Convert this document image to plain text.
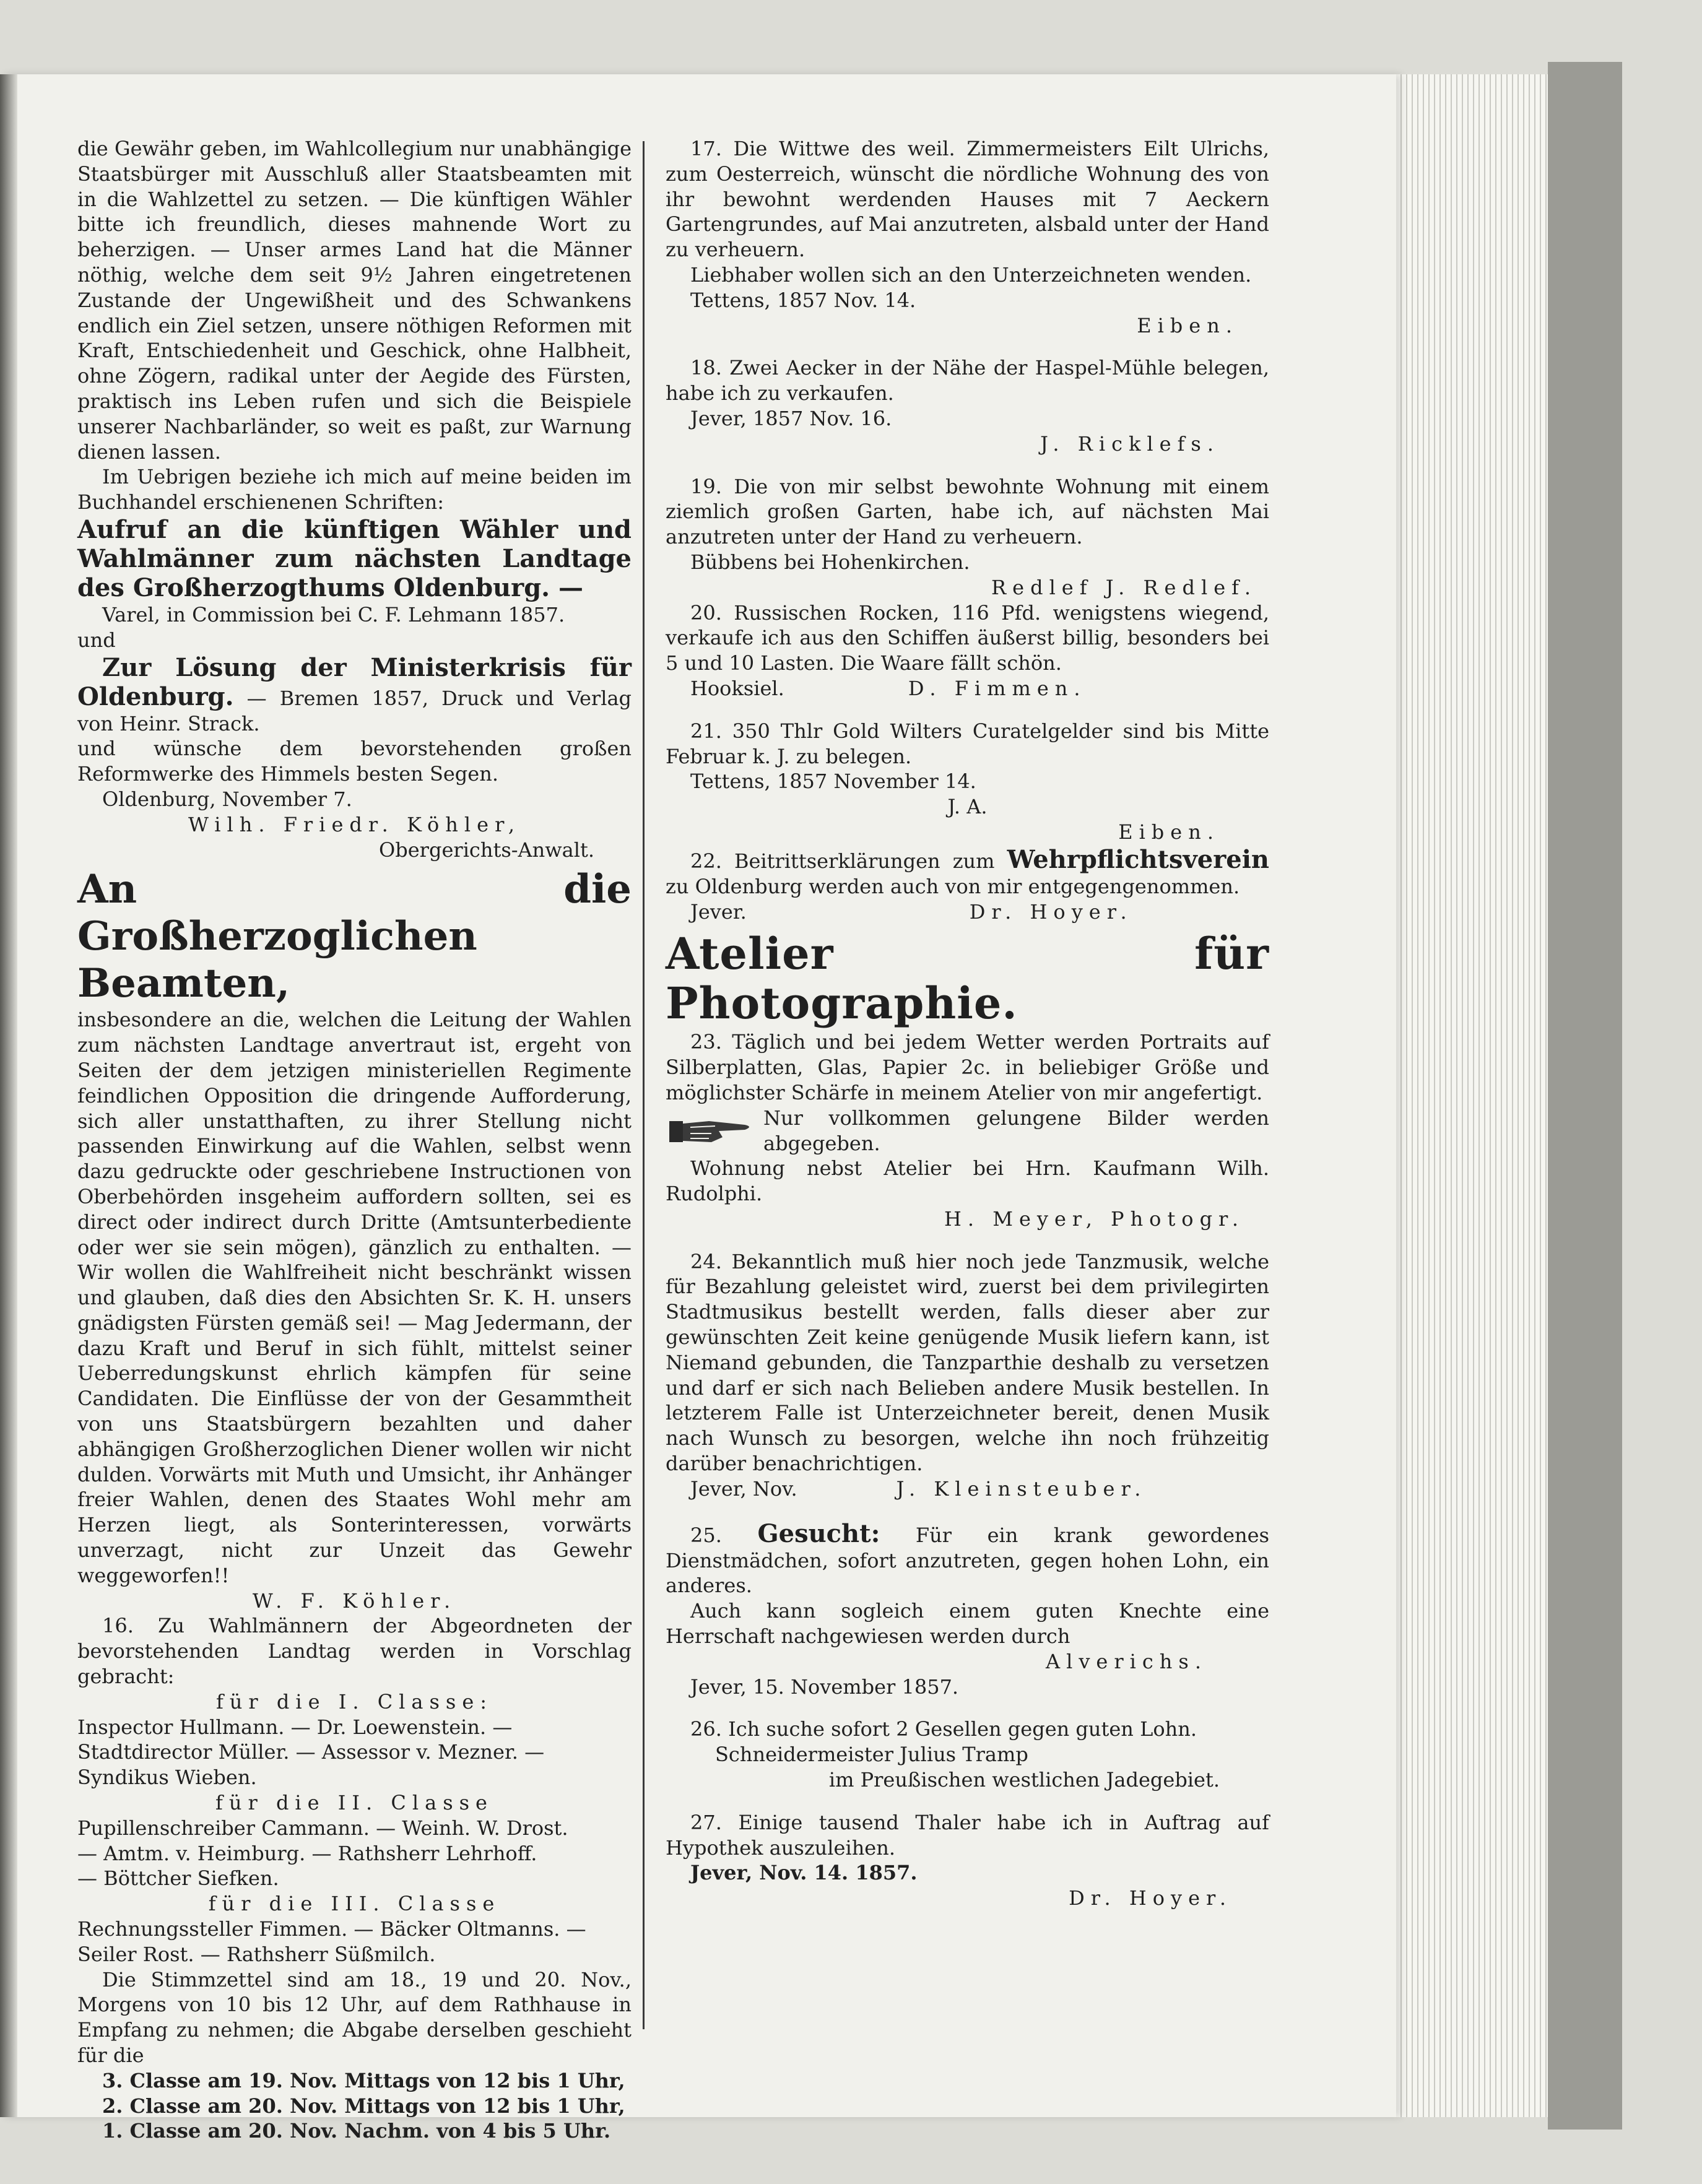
die Gewähr geben, im Wahlcollegium nur unabhängige Staatsbürger mit Ausschluß aller Staatsbeamten mit in die Wahlzettel zu setzen. — Die künftigen Wähler bitte ich freundlich, dieses mahnende Wort zu beherzigen. — Unser armes Land hat die Männer nöthig, welche dem seit 9½ Jahren eingetretenen Zustande der Ungewißheit und des Schwankens endlich ein Ziel setzen, unsere nöthigen Reformen mit Kraft, Entschiedenheit und Geschick, ohne Halbheit, ohne Zögern, radikal unter der Aegide des Fürsten, praktisch ins Leben rufen und sich die Beispiele unserer Nachbarländer, so weit es paßt, zur Warnung dienen lassen.

Im Uebrigen beziehe ich mich auf meine beiden im Buchhandel erschienenen Schriften:

Aufruf an die künftigen Wähler und Wahlmänner zum nächsten Landtage des Großherzogthums Oldenburg. —

Varel, in Commission bei C. F. Lehmann 1857.

und

Zur Lösung der Ministerkrisis für Oldenburg. — Bremen 1857, Druck und Verlag von Heinr. Strack.

und wünsche dem bevorstehenden großen Reformwerke des Himmels besten Segen.

Oldenburg, November 7.

Wilh. Friedr. Köhler,

Obergerichts-Anwalt.

An die Großherzoglichen Beamten,

insbesondere an die, welchen die Leitung der Wahlen zum nächsten Landtage anvertraut ist, ergeht von Seiten der dem jetzigen ministeriellen Regimente feindlichen Opposition die dringende Aufforderung, sich aller unstatthaften, zu ihrer Stellung nicht passenden Einwirkung auf die Wahlen, selbst wenn dazu gedruckte oder geschriebene Instructionen von Oberbehörden insgeheim auffordern sollten, sei es direct oder indirect durch Dritte (Amtsunterbediente oder wer sie sein mögen), gänzlich zu enthalten. — Wir wollen die Wahlfreiheit nicht beschränkt wissen und glauben, daß dies den Absichten Sr. K. H. unsers gnädigsten Fürsten gemäß sei! — Mag Jedermann, der dazu Kraft und Beruf in sich fühlt, mittelst seiner Ueberredungskunst ehrlich kämpfen für seine Candidaten. Die Einflüsse der von der Gesammtheit von uns Staatsbürgern bezahlten und daher abhängigen Großherzoglichen Diener wollen wir nicht dulden. Vorwärts mit Muth und Umsicht, ihr Anhänger freier Wahlen, denen des Staates Wohl mehr am Herzen liegt, als Sonterinteressen, vorwärts unverzagt, nicht zur Unzeit das Gewehr weggeworfen!!

W. F. Köhler.

16. Zu Wahlmännern der Abgeordneten der bevorstehenden Landtag werden in Vorschlag gebracht:

für die I. Classe:

Inspector Hullmann. — Dr. Loewenstein. —

Stadtdirector Müller. — Assessor v. Mezner. —

Syndikus Wieben.

für die II. Classe

Pupillenschreiber Cammann. — Weinh. W. Drost.

— Amtm. v. Heimburg. — Rathsherr Lehrhoff.

— Böttcher Siefken.

für die III. Classe

Rechnungssteller Fimmen. — Bäcker Oltmanns. —

Seiler Rost. — Rathsherr Süßmilch.

Die Stimmzettel sind am 18., 19 und 20. Nov., Morgens von 10 bis 12 Uhr, auf dem Rathhause in Empfang zu nehmen; die Abgabe derselben geschieht für die

3. Classe am 19. Nov. Mittags von 12 bis 1 Uhr,

2. Classe am 20. Nov. Mittags von 12 bis 1 Uhr,

1. Classe am 20. Nov. Nachm. von 4 bis 5 Uhr.

17. Die Wittwe des weil. Zimmermeisters Eilt Ulrichs, zum Oesterreich, wünscht die nördliche Wohnung des von ihr bewohnt werdenden Hauses mit 7 Aeckern Gartengrundes, auf Mai anzutreten, alsbald unter der Hand zu verheuern.

Liebhaber wollen sich an den Unterzeichneten wenden.

Tettens, 1857 Nov. 14.

Eiben.

18. Zwei Aecker in der Nähe der Haspel-Mühle belegen, habe ich zu verkaufen.

Jever, 1857 Nov. 16.

J. Ricklefs.

19. Die von mir selbst bewohnte Wohnung mit einem ziemlich großen Garten, habe ich, auf nächsten Mai anzutreten unter der Hand zu verheuern.

Bübbens bei Hohenkirchen.

Redlef J. Redlef.

20. Russischen Rocken, 116 Pfd. wenigstens wiegend, verkaufe ich aus den Schiffen äußerst billig, besonders bei 5 und 10 Lasten. Die Waare fällt schön.

Hooksiel.	D. Fimmen.

21. 350 Thlr Gold Wilters Curatelgelder sind bis Mitte Februar k. J. zu belegen.

Tettens, 1857 November 14.

J. A.

Eiben.

22. Beitrittserklärungen zum Wehrpflichtsverein zu Oldenburg werden auch von mir entgegengenommen.

Jever.	Dr. Hoyer.

Atelier für Photographie.

23. Täglich und bei jedem Wetter werden Portraits auf Silberplatten, Glas, Papier 2c. in beliebiger Größe und möglichster Schärfe in meinem Atelier von mir angefertigt.

Nur vollkommen gelungene Bilder werden abgegeben.

Wohnung nebst Atelier bei Hrn. Kaufmann Wilh. Rudolphi.

H. Meyer, Photogr.

24. Bekanntlich muß hier noch jede Tanzmusik, welche für Bezahlung geleistet wird, zuerst bei dem privilegirten Stadtmusikus bestellt werden, falls dieser aber zur gewünschten Zeit keine genügende Musik liefern kann, ist Niemand gebunden, die Tanzparthie deshalb zu versetzen und darf er sich nach Belieben andere Musik bestellen. In letzterem Falle ist Unterzeichneter bereit, denen Musik nach Wunsch zu besorgen, welche ihn noch frühzeitig darüber benachrichtigen.

Jever, Nov.	J. Kleinsteuber.

25. Gesucht: Für ein krank gewordenes Dienstmädchen, sofort anzutreten, gegen hohen Lohn, ein anderes.

Auch kann sogleich einem guten Knechte eine Herrschaft nachgewiesen werden durch

Alverichs.

Jever, 15. November 1857.

26. Ich suche sofort 2 Gesellen gegen guten Lohn.

Schneidermeister Julius Tramp

im Preußischen westlichen Jadegebiet.

27. Einige tausend Thaler habe ich in Auftrag auf Hypothek auszuleihen.

Jever, Nov. 14. 1857.

Dr. Hoyer.
